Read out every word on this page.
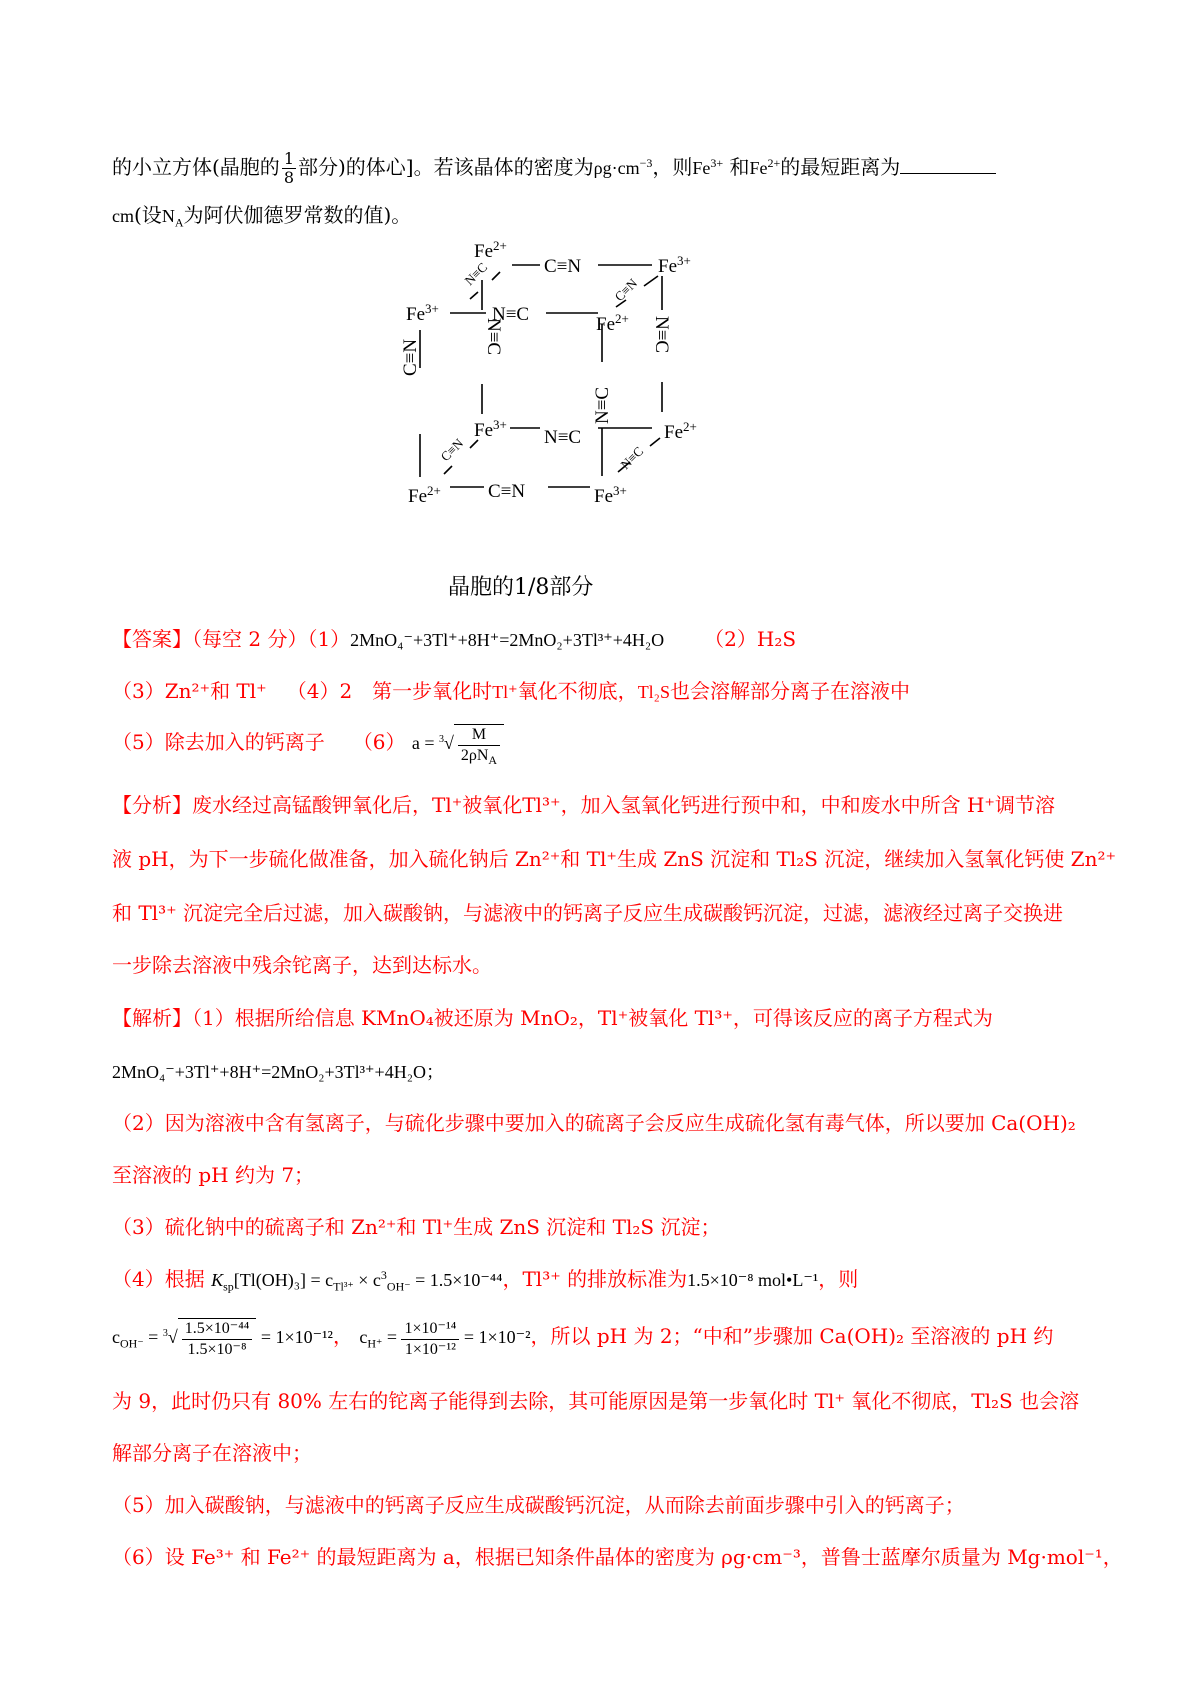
的小立方体(晶胞的 $\frac{1}{8}$ 部分)的体心]。若该晶体的密度为$\rho g\cdot cm^{-3}$，则$Fe^{3+}$ 和$Fe^{2+}$的最短距离为
cm(设$N_A$为阿伏伽德罗常数的值)。
$Fe^{2+}$
C≡N	$Fe^{3+}$
$Fe^{3+}$	N≡C	$Fe^{2+}$
$Fe^{3+}$
N≡C	$Fe^{2+}$
$Fe^{2+}$ C≡N	$Fe^{3+}$
C≡N
N≡C
N≡C
N≡C
N≡C
C≡N
C≡N	N≡C
晶胞的1/8部分
【答案】（每空 2 分）（1）2MnO₄⁻+3Tl⁺+8H⁺=2MnO₂+3Tl³⁺+4H₂O （2）H₂S
（3）Zn²⁺和 Tl⁺ （4）2　第一步氧化时Tl⁺氧化不彻底，Tl₂S也会溶解部分离子在溶液中
（5）除去加入的钙离子 （6） $a = ^3√ \frac{M}{2\rho N_A}$
【分析】废水经过高锰酸钾氧化后，Tl⁺被氧化Tl³⁺，加入氢氧化钙进行预中和，中和废水中所含 H⁺调节溶
液 pH，为下一步硫化做准备，加入硫化钠后 Zn²⁺和 Tl⁺生成 ZnS 沉淀和 Tl₂S 沉淀，继续加入氢氧化钙使 Zn²⁺
和 Tl³⁺ 沉淀完全后过滤，加入碳酸钠，与滤液中的钙离子反应生成碳酸钙沉淀，过滤，滤液经过离子交换进
一步除去溶液中残余铊离子，达到达标水。
【解析】（1）根据所给信息 KMnO₄被还原为 MnO₂，Tl⁺被氧化 Tl³⁺，可得该反应的离子方程式为
2MnO₄⁻+3Tl⁺+8H⁺=2MnO₂+3Tl³⁺+4H₂O；
（2）因为溶液中含有氢离子，与硫化步骤中要加入的硫离子会反应生成硫化氢有毒气体，所以要加 Ca(OH)₂
至溶液的 pH 约为 7；
（3）硫化钠中的硫离子和 Zn²⁺和 Tl⁺生成 ZnS 沉淀和 Tl₂S 沉淀；
（4）根据 $K_{sp}[Tl(OH)_3] = c_{Tl^{3+}} \times c^3_{OH^-} = 1.5\times 10^{-44}$，Tl³⁺ 的排放标准为1.5×10⁻⁸ mol•L⁻¹，则
$c_{OH^-} = ^3√ \frac{\text{1.5×10⁻⁴⁴}}{\text{1.5×10⁻⁸}} = 1\times 10^{-12}$， $c_{H^+} = \frac{\text{1×10⁻¹⁴}}{\text{1×10⁻¹²}} = 1\times 10^{-2}$，所以 pH 为 2；“中和”步骤加 Ca(OH)₂ 至溶液的 pH 约
为 9，此时仍只有 80% 左右的铊离子能得到去除，其可能原因是第一步氧化时 Tl⁺ 氧化不彻底，Tl₂S 也会溶
解部分离子在溶液中；
（5）加入碳酸钠，与滤液中的钙离子反应生成碳酸钙沉淀，从而除去前面步骤中引入的钙离子；
（6）设 Fe³⁺ 和 Fe²⁺ 的最短距离为 a，根据已知条件晶体的密度为 ρg·cm⁻³，普鲁士蓝摩尔质量为 Mg·mol⁻¹，
